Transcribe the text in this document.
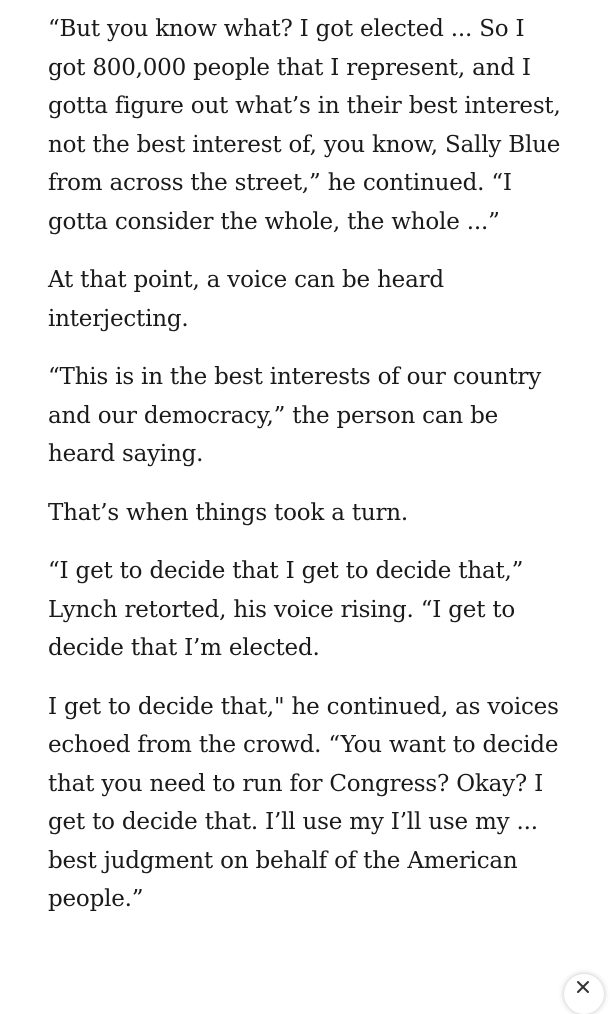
“But you know what? I got elected ... So I
got 800,000 people that I represent, and I
gotta figure out what’s in their best interest,
not the best interest of, you know, Sally Blue
from across the street,” he continued. “I
gotta consider the whole, the whole ...”

At that point, a voice can be heard
interjecting.

“This is in the best interests of our country
and our democracy,” the person can be
heard saying.

That’s when things took a turn.

“I get to decide that I get to decide that,”
Lynch retorted, his voice rising. “I get to
decide that I’m elected.

I get to decide that," he continued, as voices
echoed from the crowd. “You want to decide
that you need to run for Congress? Okay? I
get to decide that. I’ll use my I’ll use my ...
best judgment on behalf of the American
people.”
